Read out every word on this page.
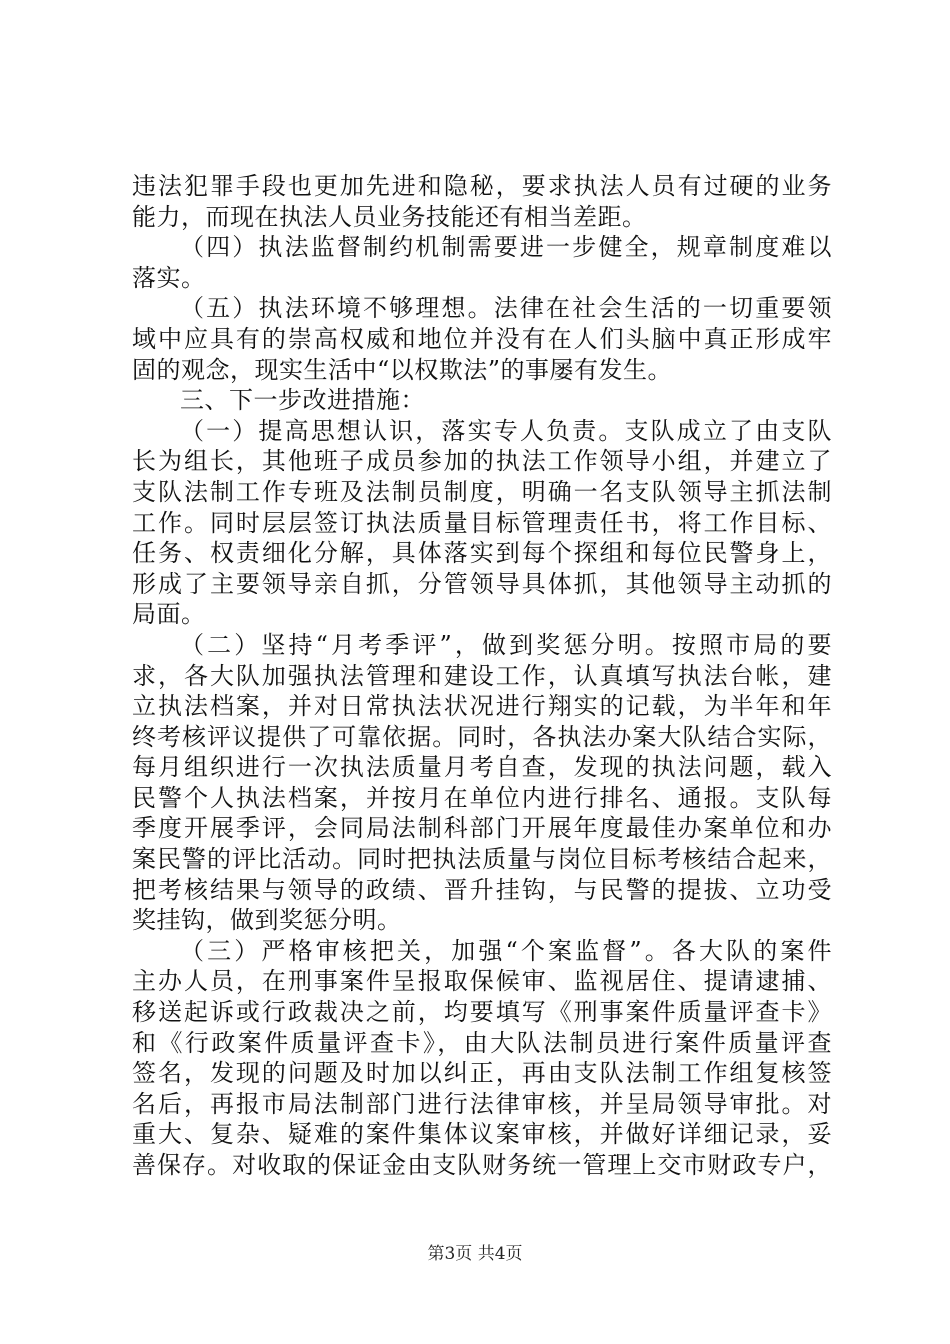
违法犯罪手段也更加先进和隐秘，要求执法人员有过硬的业务
能力，而现在执法人员业务技能还有相当差距。
（四）执法监督制约机制需要进一步健全，规章制度难以
落实。
（五）执法环境不够理想。法律在社会生活的一切重要领
域中应具有的崇高权威和地位并没有在人们头脑中真正形成牢
固的观念，现实生活中“以权欺法”的事屡有发生。
三、下一步改进措施：
（一）提高思想认识，落实专人负责。支队成立了由支队
长为组长，其他班子成员参加的执法工作领导小组，并建立了
支队法制工作专班及法制员制度，明确一名支队领导主抓法制
工作。同时层层签订执法质量目标管理责任书，将工作目标、
任务、权责细化分解，具体落实到每个探组和每位民警身上，
形成了主要领导亲自抓，分管领导具体抓，其他领导主动抓的
局面。
（二）坚持“月考季评”，做到奖惩分明。按照市局的要
求，各大队加强执法管理和建设工作，认真填写执法台帐，建
立执法档案，并对日常执法状况进行翔实的记载，为半年和年
终考核评议提供了可靠依据。同时，各执法办案大队结合实际，
每月组织进行一次执法质量月考自查，发现的执法问题，载入
民警个人执法档案，并按月在单位内进行排名、通报。支队每
季度开展季评，会同局法制科部门开展年度最佳办案单位和办
案民警的评比活动。同时把执法质量与岗位目标考核结合起来，
把考核结果与领导的政绩、晋升挂钩，与民警的提拔、立功受
奖挂钩，做到奖惩分明。
（三）严格审核把关，加强“个案监督”。各大队的案件
主办人员，在刑事案件呈报取保候审、监视居住、提请逮捕、
移送起诉或行政裁决之前，均要填写《刑事案件质量评查卡》
和《行政案件质量评查卡》，由大队法制员进行案件质量评查
签名，发现的问题及时加以纠正，再由支队法制工作组复核签
名后，再报市局法制部门进行法律审核，并呈局领导审批。对
重大、复杂、疑难的案件集体议案审核，并做好详细记录，妥
善保存。对收取的保证金由支队财务统一管理上交市财政专户，
第3页 共4页
